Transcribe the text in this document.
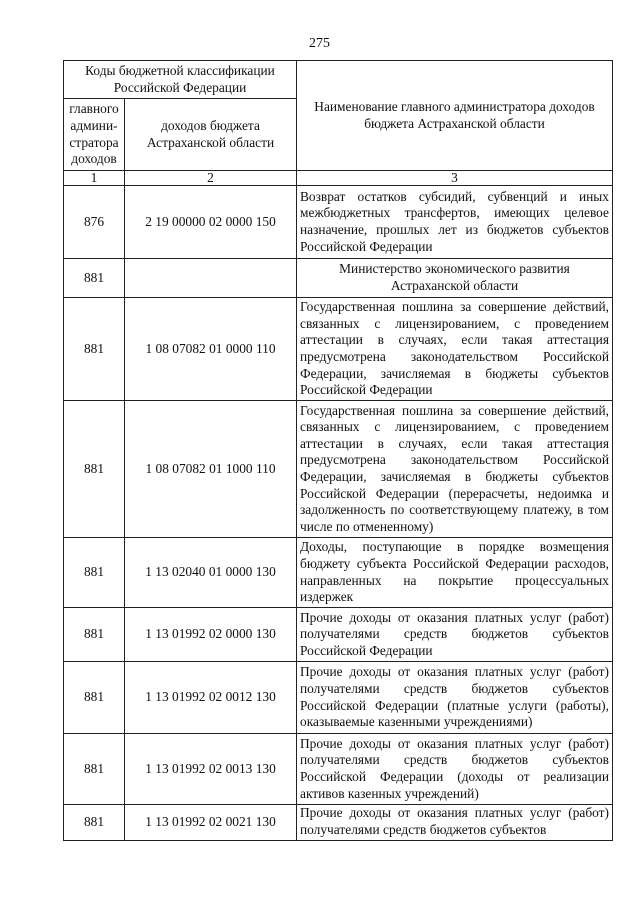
275
Коды бюджетной классификации Российской Федерации		Наименование главного администратора доходов бюджета Астраханской области
главного админи-стратора доходов	доходов бюджета Астраханской области	
1	2	3
876	2 19 00000 02 0000 150	Возврат остатков субсидий, субвенций и иных межбюджетных трансфертов, имеющих целевое назначение, прошлых лет из бюджетов субъектов Российской Федерации
881		Министерство экономического развития Астраханской области
881	1 08 07082 01 0000 110	Государственная пошлина за совершение действий, связанных с лицензированием, с проведением аттестации в случаях, если такая аттестация предусмотрена законодательством Российской Федерации, зачисляемая в бюджеты субъектов Российской Федерации
881	1 08 07082 01 1000 110	Государственная пошлина за совершение действий, связанных с лицензированием, с проведением аттестации в случаях, если такая аттестация предусмотрена законодательством Российской Федерации, зачисляемая в бюджеты субъектов Российской Федерации (перерасчеты, недоимка и задолженность по соответствующему платежу, в том числе по отмененному)
881	1 13 02040 01 0000 130	Доходы, поступающие в порядке возмещения бюджету субъекта Российской Федерации расходов, направленных на покрытие процессуальных издержек
881	1 13 01992 02 0000 130	Прочие доходы от оказания платных услуг (работ) получателями средств бюджетов субъектов Российской Федерации
881	1 13 01992 02 0012 130	Прочие доходы от оказания платных услуг (работ) получателями средств бюджетов субъектов Российской Федерации (платные услуги (работы), оказываемые казенными учреждениями)
881	1 13 01992 02 0013 130	Прочие доходы от оказания платных услуг (работ) получателями средств бюджетов субъектов Российской Федерации (доходы от реализации активов казенных учреждений)
881	1 13 01992 02 0021 130	Прочие доходы от оказания платных услуг (работ) получателями средств бюджетов субъектов
